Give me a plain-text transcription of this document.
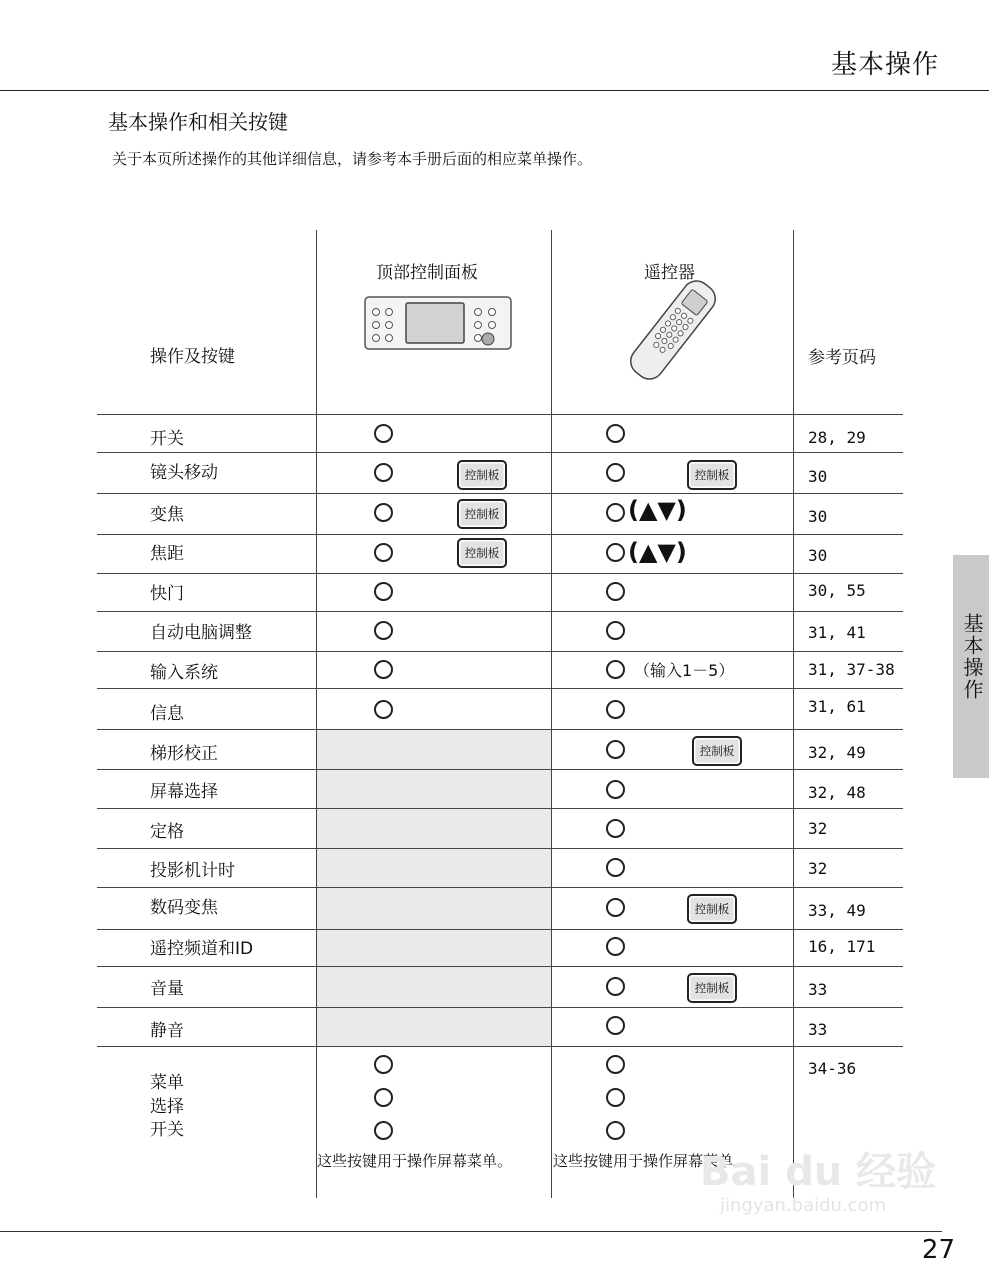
基本操作
基本操作和相关按键
关于本页所述操作的其他详细信息，请参考本手册后面的相应菜单操作。
基本操作
操作及按键
顶部控制面板	遥控器
参考页码
开关
镜头移动
变焦
焦距
快门
自动电脑调整
输入系统
信息
梯形校正
屏幕选择
定格
投影机计时
数码变焦
遥控频道和ID
音量
静音
菜单
选择
开关
控制板
控制板
控制板
控制板
控制板
控制板
控制板
(▲▼)
(▲▼)
（输入1－5）
28, 29
30
30
30
30, 55
31, 41
31, 37-38
31, 61
32, 49
32, 48
32
32
33, 49
16, 171
33
33
34-36
这些按键用于操作屏幕菜单。	这些按键用于操作屏幕菜单。
Bai du 经验
jingyan.baidu.com
27
